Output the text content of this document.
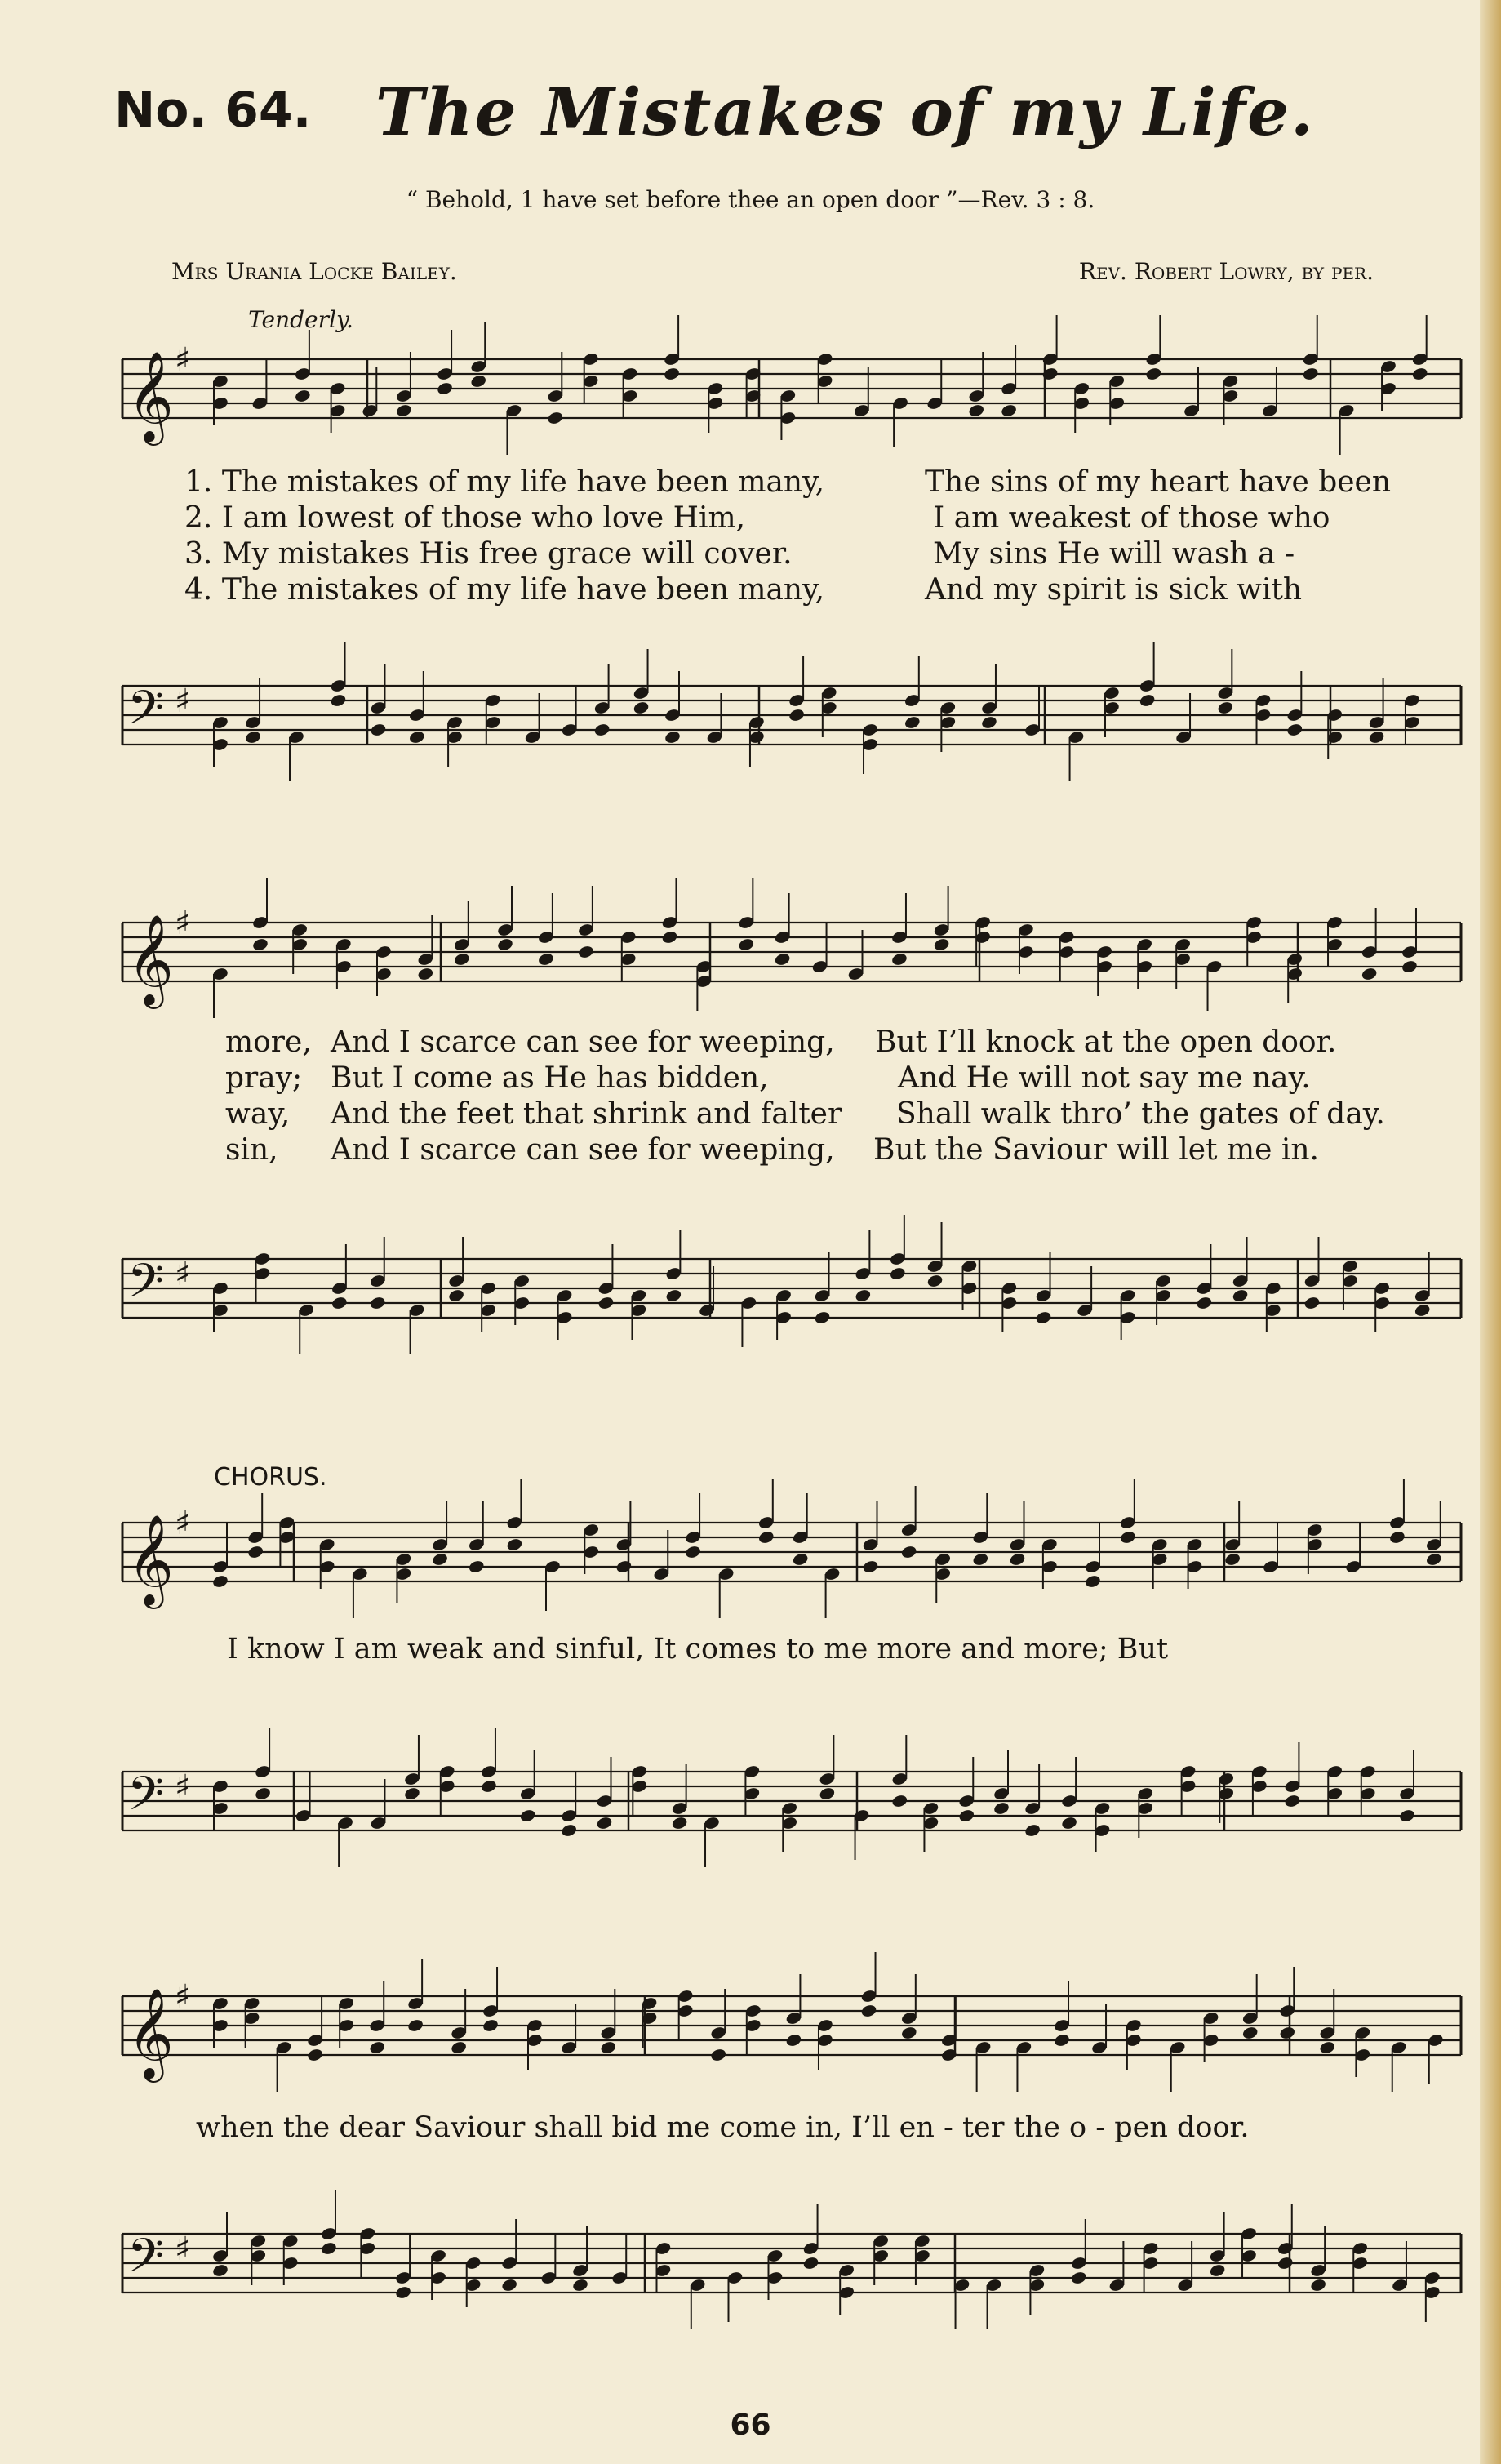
No. 64. The Mistakes of my Life.
“ Behold, 1 have set before thee an open door ”—Rev. 3 : 8.
Mrs Urania Locke Bailey.	Rev. Robert Lowry, by per.
Tenderly.
CHORUS.
𝄞 ♯
𝄢 ♯
𝄞 ♯
𝄢 ♯
𝄞 ♯
𝄢 ♯
𝄞 ♯
𝄢 ♯
1. The mistakes of my life have been many,	The sins of my heart have been
2. I am lowest of those who love Him,	I am weakest of those who
3. My mistakes His free grace will cover.	My sins He will wash a -
4. The mistakes of my life have been many,	And my spirit is sick with
more, And I scarce can see for weeping, But I’ll knock at the open door.
pray; But I come as He has bidden,	And He will not say me nay.
way, And the feet that shrink and falter Shall walk thro’ the gates of day.
sin, And I scarce can see for weeping, But the Saviour will let me in.
I know I am weak and sinful, It comes to me more and more; But
when the dear Saviour shall bid me come in, I’ll en - ter the o - pen door.
66
